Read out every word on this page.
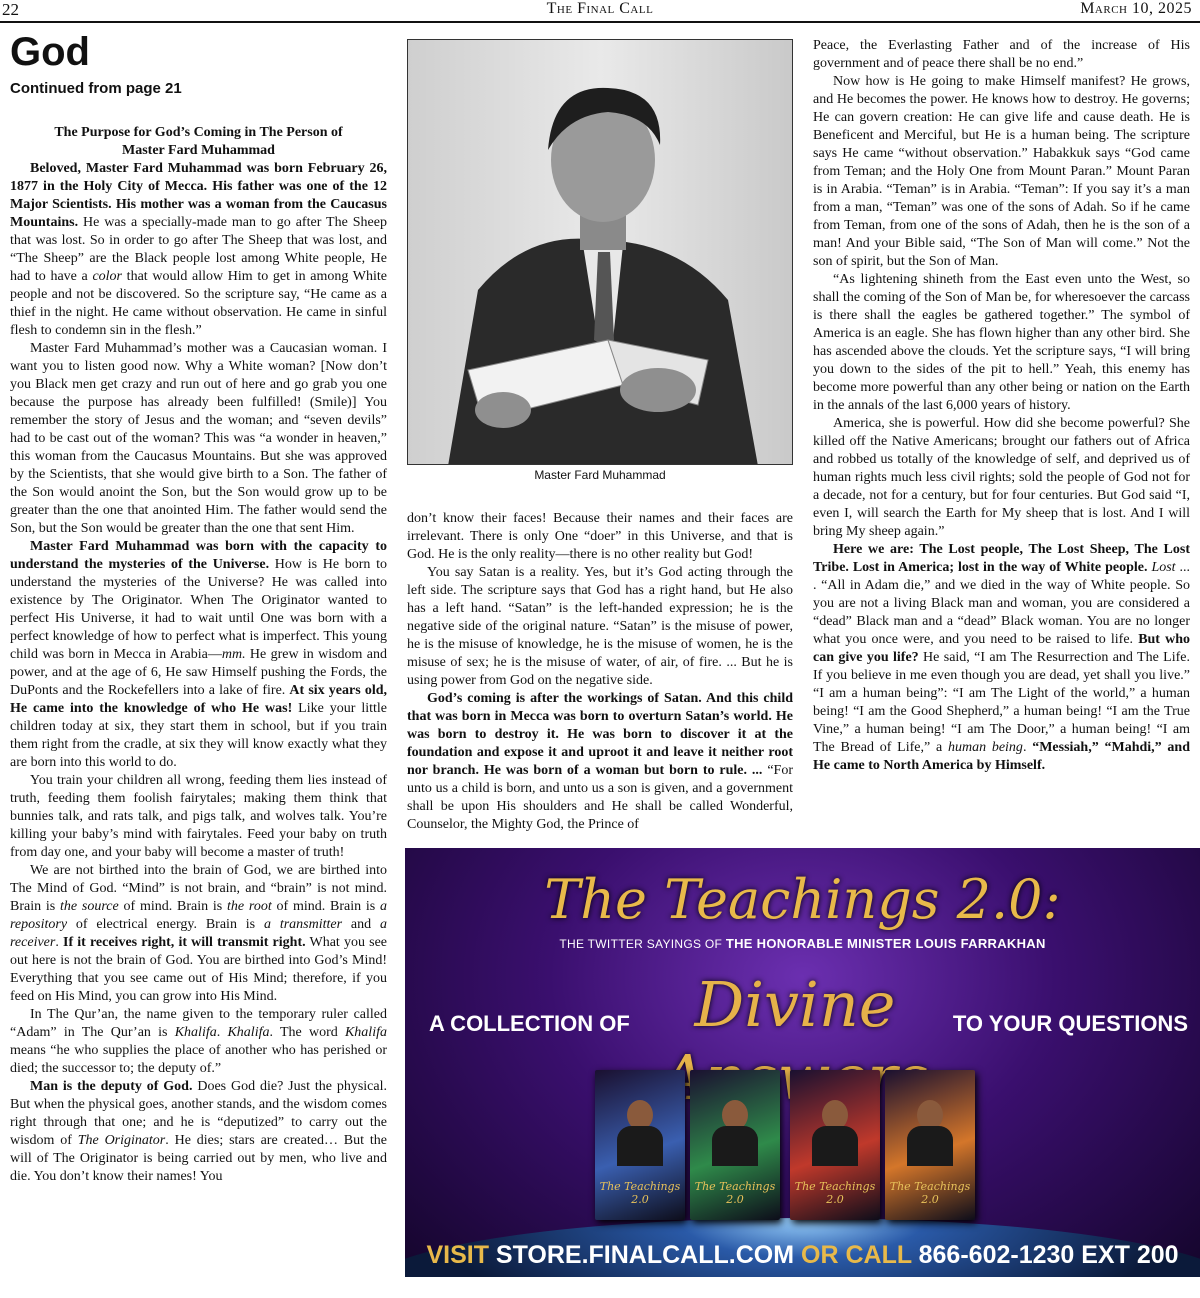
22	The Final Call	March 10, 2025
God
Continued from page 21

The Purpose for God’s Coming in The Person of
Master Fard Muhammad

Beloved, Master Fard Muhammad was born February 26, 1877 in the Holy City of Mecca. His father was one of the 12 Major Scientists. His mother was a woman from the Caucasus Mountains. He was a specially-made man to go after The Sheep that was lost. So in order to go after The Sheep that was lost, and “The Sheep” are the Black people lost among White people, He had to have a color that would allow Him to get in among White people and not be discovered. So the scripture say, “He came as a thief in the night. He came without observation. He came in sinful flesh to condemn sin in the flesh.”

Master Fard Muhammad’s mother was a Caucasian woman. I want you to listen good now. Why a White woman? [Now don’t you Black men get crazy and run out of here and go grab you one because the purpose has already been fulfilled! (Smile)] You remember the story of Jesus and the woman; and “seven devils” had to be cast out of the woman? This was “a wonder in heaven,” this woman from the Caucasus Mountains. But she was approved by the Scientists, that she would give birth to a Son. The father of the Son would anoint the Son, but the Son would grow up to be greater than the one that anointed Him. The father would send the Son, but the Son would be greater than the one that sent Him.

Master Fard Muhammad was born with the capacity to understand the mysteries of the Universe. How is He born to understand the mysteries of the Universe? He was called into existence by The Originator. When The Originator wanted to perfect His Universe, it had to wait until One was born with a perfect knowledge of how to perfect what is imperfect. This young child was born in Mecca in Arabia—mm. He grew in wisdom and power, and at the age of 6, He saw Himself pushing the Fords, the DuPonts and the Rockefellers into a lake of fire. At six years old, He came into the knowledge of who He was! Like your little children today at six, they start them in school, but if you train them right from the cradle, at six they will know exactly what they are born into this world to do.

You train your children all wrong, feeding them lies instead of truth, feeding them foolish fairytales; making them think that bunnies talk, and rats talk, and pigs talk, and wolves talk. You’re killing your baby’s mind with fairytales. Feed your baby on truth from day one, and your baby will become a master of truth!

We are not birthed into the brain of God, we are birthed into The Mind of God. “Mind” is not brain, and “brain” is not mind. Brain is the source of mind. Brain is the root of mind. Brain is a repository of electrical energy. Brain is a transmitter and a receiver. If it receives right, it will transmit right. What you see out here is not the brain of God. You are birthed into God’s Mind! Everything that you see came out of His Mind; therefore, if you feed on His Mind, you can grow into His Mind.

In The Qur’an, the name given to the temporary ruler called “Adam” in The Qur’an is Khalifa. Khalifa. The word Khalifa means “he who supplies the place of another who has perished or died; the successor to; the deputy of.”

Man is the deputy of God. Does God die? Just the physical. But when the physical goes, another stands, and the wisdom comes right through that one; and he is “deputized” to carry out the wisdom of The Originator. He dies; stars are created… But the will of The Originator is being carried out by men, who live and die. You don’t know their names! You

Master Fard Muhammad

don’t know their faces! Because their names and their faces are irrelevant. There is only One “doer” in this Universe, and that is God. He is the only reality—there is no other reality but God!

You say Satan is a reality. Yes, but it’s God acting through the left side. The scripture says that God has a right hand, but He also has a left hand. “Satan” is the left-handed expression; he is the negative side of the original nature. “Satan” is the misuse of power, he is the misuse of knowledge, he is the misuse of women, he is the misuse of sex; he is the misuse of water, of air, of fire. ... But he is using power from God on the negative side.

God’s coming is after the workings of Satan. And this child that was born in Mecca was born to overturn Satan’s world. He was born to destroy it. He was born to discover it at the foundation and expose it and uproot it and leave it neither root nor branch. He was born of a woman but born to rule. ... “For unto us a child is born, and unto us a son is given, and a government shall be upon His shoulders and He shall be called Wonderful, Counselor, the Mighty God, the Prince of

Peace, the Everlasting Father and of the increase of His government and of peace there shall be no end.”

Now how is He going to make Himself manifest? He grows, and He becomes the power. He knows how to destroy. He governs; He can govern creation: He can give life and cause death. He is Beneficent and Merciful, but He is a human being. The scripture says He came “without observation.” Habakkuk says “God came from Teman; and the Holy One from Mount Paran.” Mount Paran is in Arabia. “Teman” is in Arabia. “Teman”: If you say it’s a man from a man, “Teman” was one of the sons of Adah. So if he came from Teman, from one of the sons of Adah, then he is the son of a man! And your Bible said, “The Son of Man will come.” Not the son of spirit, but the Son of Man.

“As lightening shineth from the East even unto the West, so shall the coming of the Son of Man be, for wheresoever the carcass is there shall the eagles be gathered together.” The symbol of America is an eagle. She has flown higher than any other bird. She has ascended above the clouds. Yet the scripture says, “I will bring you down to the sides of the pit to hell.” Yeah, this enemy has become more powerful than any other being or nation on the Earth in the annals of the last 6,000 years of history.

America, she is powerful. How did she become powerful? She killed off the Native Americans; brought our fathers out of Africa and robbed us totally of the knowledge of self, and deprived us of human rights much less civil rights; sold the people of God not for a decade, not for a century, but for four centuries. But God said “I, even I, will search the Earth for My sheep that is lost. And I will bring My sheep again.”

Here we are: The Lost people, The Lost Sheep, The Lost Tribe. Lost in America; lost in the way of White people. Lost ... . “All in Adam die,” and we died in the way of White people. So you are not a living Black man and woman, you are considered a “dead” Black man and a “dead” Black woman. You are no longer what you once were, and you need to be raised to life. But who can give you life? He said, “I am The Resurrection and The Life. If you believe in me even though you are dead, yet shall you live.” “I am a human being”: “I am The Light of the world,” a human being! “I am the Good Shepherd,” a human being! “I am the True Vine,” a human being! “I am The Door,” a human being! “I am The Bread of Life,” a human being. “Messiah,” “Mahdi,” and He came to North America by Himself.

The Teachings 2.0:
THE TWITTER SAYINGS OF THE HONORABLE MINISTER LOUIS FARRAKHAN
A COLLECTION OF	Divine	TO YOUR QUESTIONS
The Teachings 2.0
The Teachings 2.0
The Teachings 2.0
The Teachings 2.0
VISIT STORE.FINALCALL.COM OR CALL 866-602-1230 EXT 200
